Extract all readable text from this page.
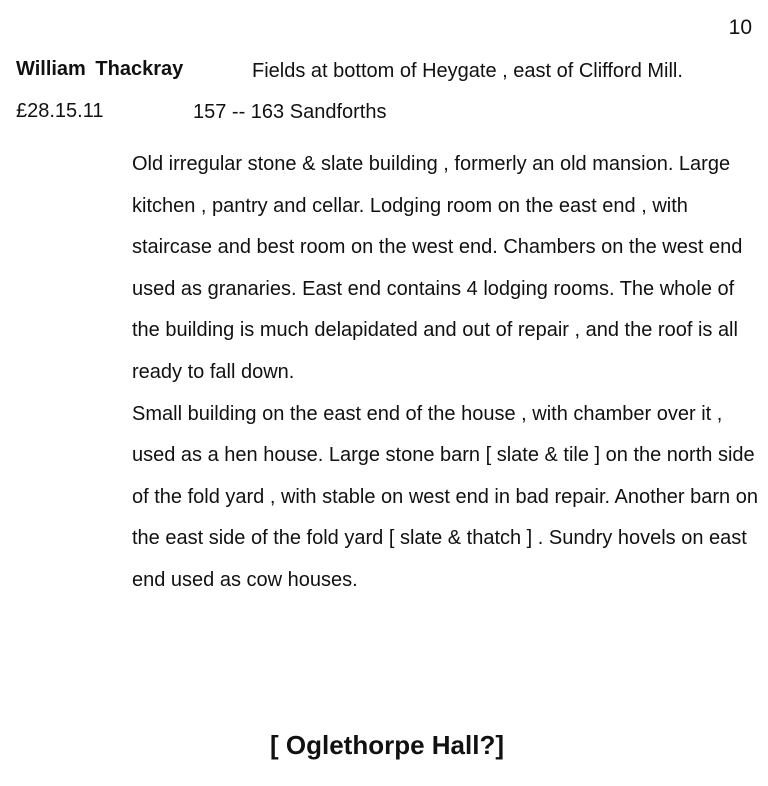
10
William Thackray	Fields at bottom of Heygate , east of Clifford Mill.
£28.15.11	157 -- 163 Sandforths

Old irregular stone & slate building , formerly an old mansion. Large kitchen , pantry and cellar. Lodging room on the east end , with staircase and best room on the west end. Chambers on the west end used as granaries. East end contains 4 lodging rooms. The whole of the building is much delapidated and out of repair , and the roof is all ready to fall down.

Small building on the east end of the house , with chamber over it , used as a hen house. Large stone barn [ slate & tile ] on the north side of the fold yard , with stable on west end in bad repair. Another barn on the east side of the fold yard [ slate & thatch ] . Sundry hovels on east end used as cow houses.

[ Oglethorpe Hall?]
